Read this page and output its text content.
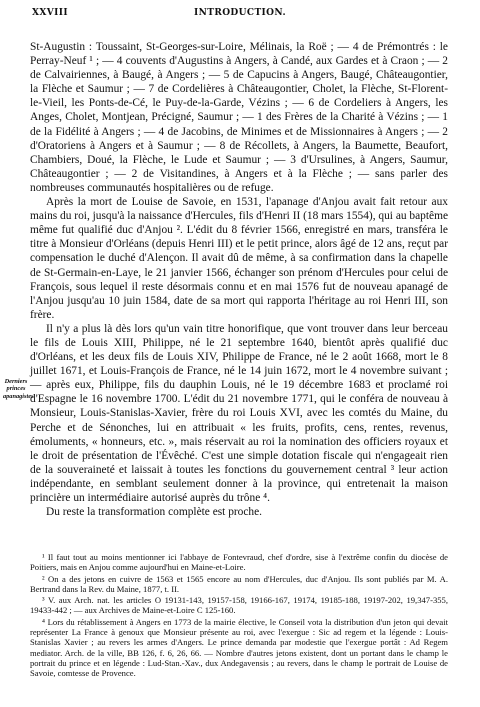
XXVIII	INTRODUCTION.
Derniers princes apanagistes.

St-Augustin : Toussaint, St-Georges-sur-Loire, Mélinais, la Roë ; — 4 de Prémontrés : le Perray-Neuf ¹ ; — 4 couvents d'Augustins à Angers, à Candé, aux Gardes et à Craon ; — 2 de Calvairiennes, à Baugé, à Angers ; — 5 de Capucins à Angers, Baugé, Châteaugontier, la Flèche et Saumur ; — 7 de Cordelières à Châteaugontier, Cholet, la Flèche, St-Florent-le-Vieil, les Ponts-de-Cé, le Puy-de-la-Garde, Vézins ; — 6 de Cordeliers à Angers, les Anges, Cholet, Montjean, Précigné, Saumur ; — 1 des Frères de la Charité à Vézins ; — 1 de la Fidélité à Angers ; — 4 de Jacobins, de Minimes et de Missionnaires à Angers ; — 2 d'Oratoriens à Angers et à Saumur ; — 8 de Récollets, à Angers, la Baumette, Beaufort, Chambiers, Doué, la Flèche, le Lude et Saumur ; — 3 d'Ursulines, à Angers, Saumur, Châteaugontier ; — 2 de Visitandines, à Angers et à la Flèche ; — sans parler des nombreuses communautés hospitalières ou de refuge.

Après la mort de Louise de Savoie, en 1531, l'apanage d'Anjou avait fait retour aux mains du roi, jusqu'à la naissance d'Hercules, fils d'Henri II (18 mars 1554), qui au baptême même fut qualifié duc d'Anjou ². L'édit du 8 février 1566, enregistré en mars, transféra le titre à Monsieur d'Orléans (depuis Henri III) et le petit prince, alors âgé de 12 ans, reçut par compensation le duché d'Alençon. Il avait dû de même, à sa confirmation dans la chapelle de St-Germain-en-Laye, le 21 janvier 1566, échanger son prénom d'Hercules pour celui de François, sous lequel il reste désormais connu et en mai 1576 fut de nouveau apanagé de l'Anjou jusqu'au 10 juin 1584, date de sa mort qui rapporta l'héritage au roi Henri III, son frère.

Il n'y a plus là dès lors qu'un vain titre honorifique, que vont trouver dans leur berceau le fils de Louis XIII, Philippe, né le 21 septembre 1640, bientôt après qualifié duc d'Orléans, et les deux fils de Louis XIV, Philippe de France, né le 2 août 1668, mort le 8 juillet 1671, et Louis-François de France, né le 14 juin 1672, mort le 4 novembre suivant ; — après eux, Philippe, fils du dauphin Louis, né le 19 décembre 1683 et proclamé roi d'Espagne le 16 novembre 1700. L'édit du 21 novembre 1771, qui le conféra de nouveau à Monsieur, Louis-Stanislas-Xavier, frère du roi Louis XVI, avec les comtés du Maine, du Perche et de Sénonches, lui en attribuait « les fruits, profits, cens, rentes, revenus, émoluments, « honneurs, etc. », mais réservait au roi la nomination des officiers royaux et le droit de présentation de l'Évêché. C'est une simple dotation fiscale qui n'engageait rien de la souveraineté et laissait à toutes les fonctions du gouvernement central ³ leur action indépendante, en semblant seulement donner à la province, qui entretenait la maison princière un intermédiaire autorisé auprès du trône ⁴.

Du reste la transformation complète est proche.

¹ Il faut tout au moins mentionner ici l'abbaye de Fontevraud, chef d'ordre, sise à l'extrême confin du diocèse de Poitiers, mais en Anjou comme aujourd'hui en Maine-et-Loire.

² On a des jetons en cuivre de 1563 et 1565 encore au nom d'Hercules, duc d'Anjou. Ils sont publiés par M. A. Bertrand dans la Rev. du Maine, 1877, t. II.

³ V. aux Arch. nat. les articles O 19131-143, 19157-158, 19166-167, 19174, 19185-188, 19197-202, 19,347-355, 19433-442 ; — aux Archives de Maine-et-Loire C 125-160.

⁴ Lors du rétablissement à Angers en 1773 de la mairie élective, le Conseil vota la distribution d'un jeton qui devait représenter La France à genoux que Monsieur présente au roi, avec l'exergue : Sic ad regem et la légende : Louis-Stanislas Xavier ; au revers les armes d'Angers. Le prince demanda par modestie que l'exergue portât : Ad Regem mediator. Arch. de la ville, BB 126, f. 6, 26, 66. — Nombre d'autres jetons existent, dont un portant dans le champ le portrait du prince et en légende : Lud-Stan.-Xav., dux Andegavensis ; au revers, dans le champ le portrait de Louise de Savoie, comtesse de Provence.
